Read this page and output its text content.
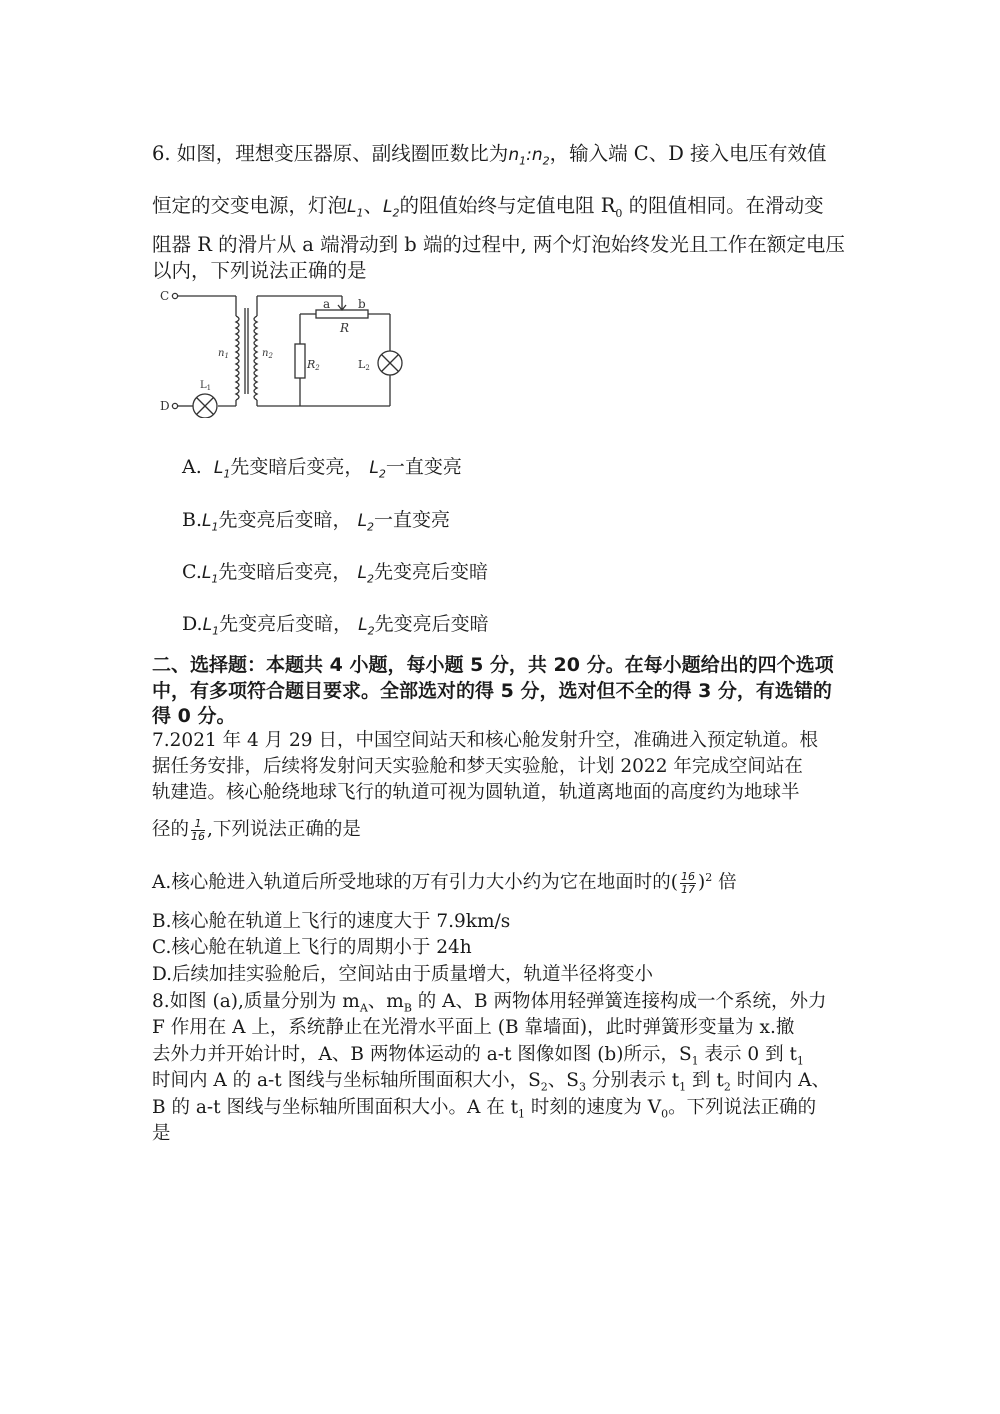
6. 如图，理想变压器原、副线圈匝数比为$n_1:n_2$，输入端 C、D 接入电压有效值
恒定的交变电源，灯泡$L_1$、$L_2$的阻值始终与定值电阻 $R_0$ 的阻值相同。在滑动变
阻器 R 的滑片从 a 端滑动到 b 端的过程中, 两个灯泡始终发光且工作在额定电压
以内，下列说法正确的是
C
D
$n_1$	$n_2$
a b
R
R2
$L_1$
L2
A. $L_1$先变暗后变亮， $L_2$一直变亮
$B.L_1$先变亮后变暗， $L_2$一直变亮
$C.L_1$先变暗后变亮， $L_2$先变亮后变暗
$D.L_1$先变亮后变暗， $L_2$先变亮后变暗
二、选择题：本题共 4 小题，每小题 5 分，共 20 分。在每小题给出的四个选项
中，有多项符合题目要求。全部选对的得 5 分，选对但不全的得 3 分，有选错的
得 0 分。
7.2021 年 4 月 29 日，中国空间站天和核心舱发射升空，准确进入预定轨道。根
据任务安排，后续将发射问天实验舱和梦天实验舱，计划 2022 年完成空间站在
轨建造。核心舱绕地球飞行的轨道可视为圆轨道，轨道离地面的高度约为地球半
径的 $\frac{1}{16}$ ,下列说法正确的是
A.核心舱进入轨道后所受地球的万有引力大小约为它在地面时的( $\frac{16}{17} )^2$ 倍
B.核心舱在轨道上飞行的速度大于 7.9km/s
C.核心舱在轨道上飞行的周期小于 24h
D.后续加挂实验舱后，空间站由于质量增大，轨道半径将变小
8.如图 (a),质量分别为 $m_A$、$m_B$ 的 A、B 两物体用轻弹簧连接构成一个系统，外力
F 作用在 A 上，系统静止在光滑水平面上 (B 靠墙面)，此时弹簧形变量为 x.撤
去外力并开始计时，A、B 两物体运动的 a-t 图像如图 (b)所示，$S_1$ 表示 0 到 $t_1$
时间内 A 的 a-t 图线与坐标轴所围面积大小，$S_2$、$S_3$ 分别表示 $t_1$ 到 $t_2$ 时间内 A、
B 的 a-t 图线与坐标轴所围面积大小。A 在 $t_1$ 时刻的速度为 $V_0$。下列说法正确的
是
